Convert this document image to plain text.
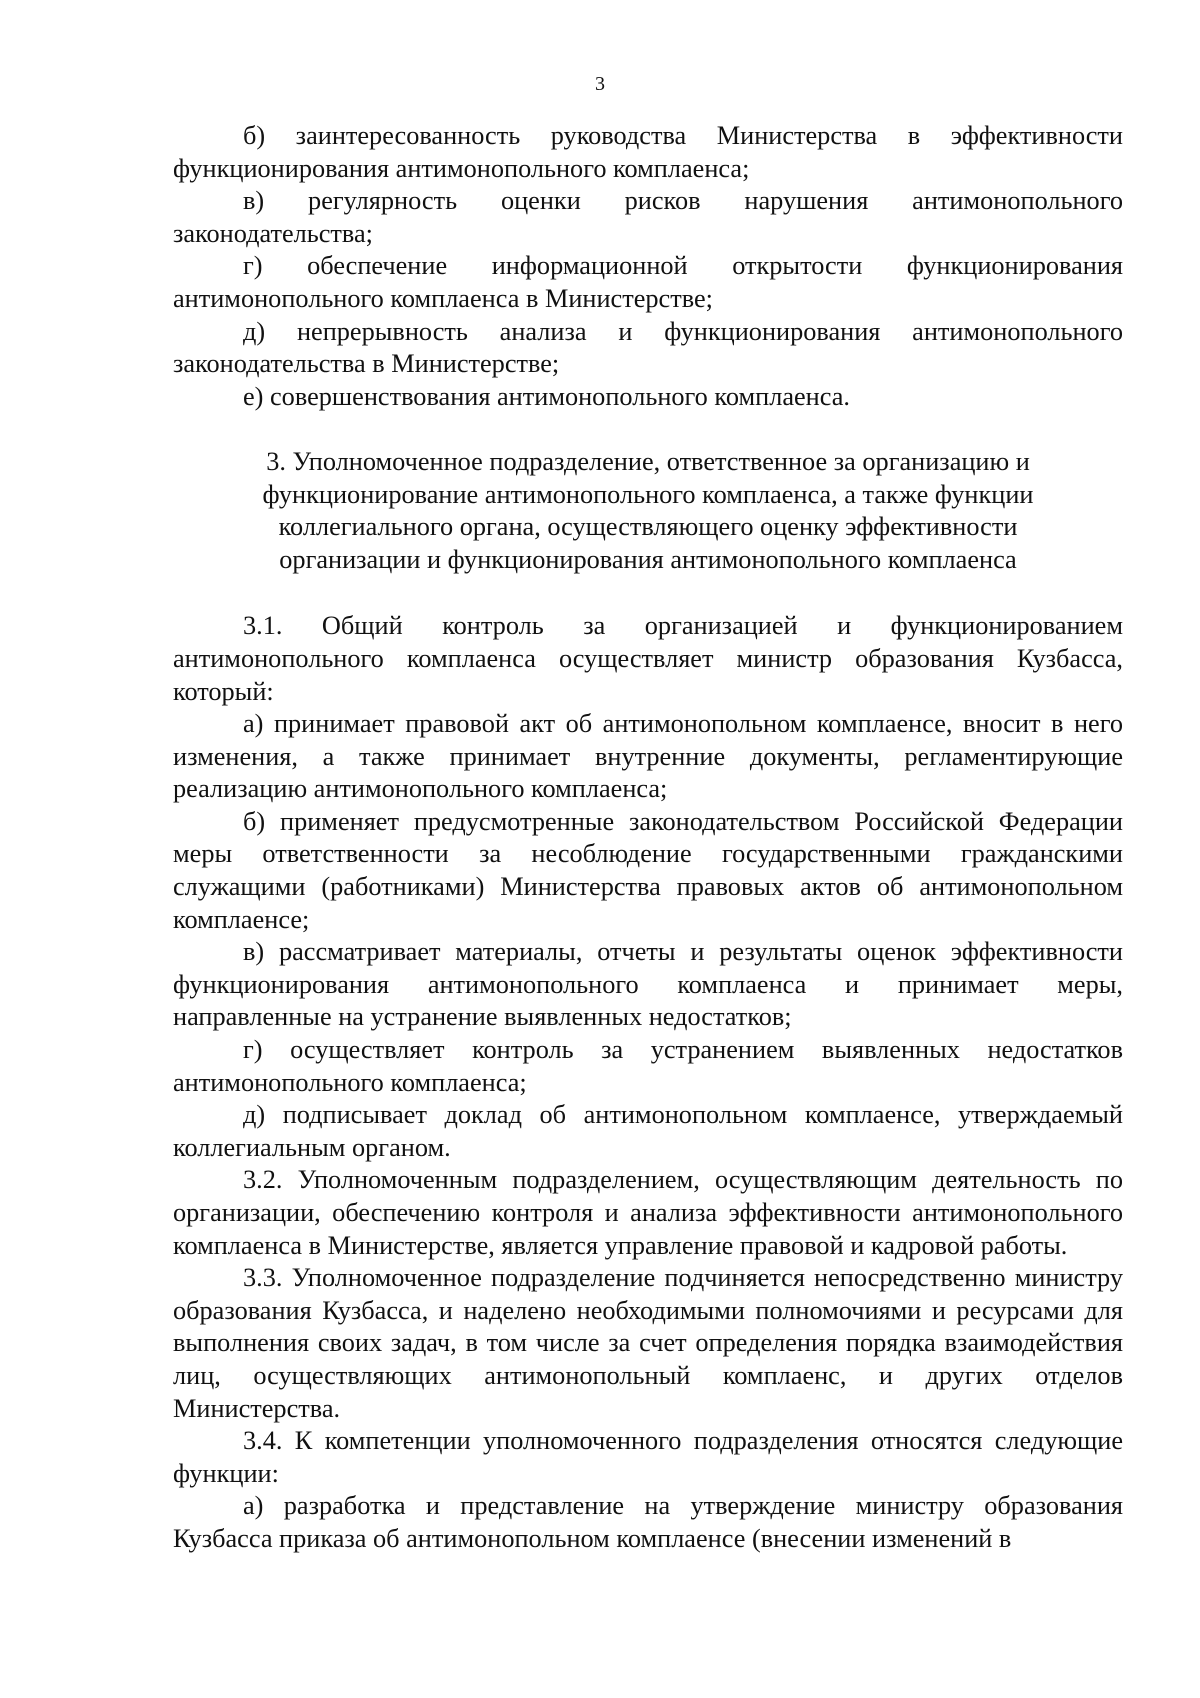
3

б) заинтересованность руководства Министерства в эффективности функционирования антимонопольного комплаенса;

в) регулярность оценки рисков нарушения антимонопольного законодательства;

г) обеспечение информационной открытости функционирования антимонопольного комплаенса в Министерстве;

д) непрерывность анализа и функционирования антимонопольного законодательства в Министерстве;

е) совершенствования антимонопольного комплаенса.

3. Уполномоченное подразделение, ответственное за организацию и функционирование антимонопольного комплаенса, а также функции коллегиального органа, осуществляющего оценку эффективности организации и функционирования антимонопольного комплаенса

3.1. Общий контроль за организацией и функционированием антимонопольного комплаенса осуществляет министр образования Кузбасса, который:

а) принимает правовой акт об антимонопольном комплаенсе, вносит в него изменения, а также принимает внутренние документы, регламентирующие реализацию антимонопольного комплаенса;

б) применяет предусмотренные законодательством Российской Федерации меры ответственности за несоблюдение государственными гражданскими служащими (работниками) Министерства правовых актов об антимонопольном комплаенсе;

в) рассматривает материалы, отчеты и результаты оценок эффективности функционирования антимонопольного комплаенса и принимает меры, направленные на устранение выявленных недостатков;

г) осуществляет контроль за устранением выявленных недостатков антимонопольного комплаенса;

д) подписывает доклад об антимонопольном комплаенсе, утверждаемый коллегиальным органом.

3.2. Уполномоченным подразделением, осуществляющим деятельность по организации, обеспечению контроля и анализа эффективности антимонопольного комплаенса в Министерстве, является управление правовой и кадровой работы.

3.3. Уполномоченное подразделение подчиняется непосредственно министру образования Кузбасса, и наделено необходимыми полномочиями и ресурсами для выполнения своих задач, в том числе за счет определения порядка взаимодействия лиц, осуществляющих антимонопольный комплаенс, и других отделов Министерства.

3.4. К компетенции уполномоченного подразделения относятся следующие функции:

а) разработка и представление на утверждение министру образования Кузбасса приказа об антимонопольном комплаенсе (внесении изменений в
